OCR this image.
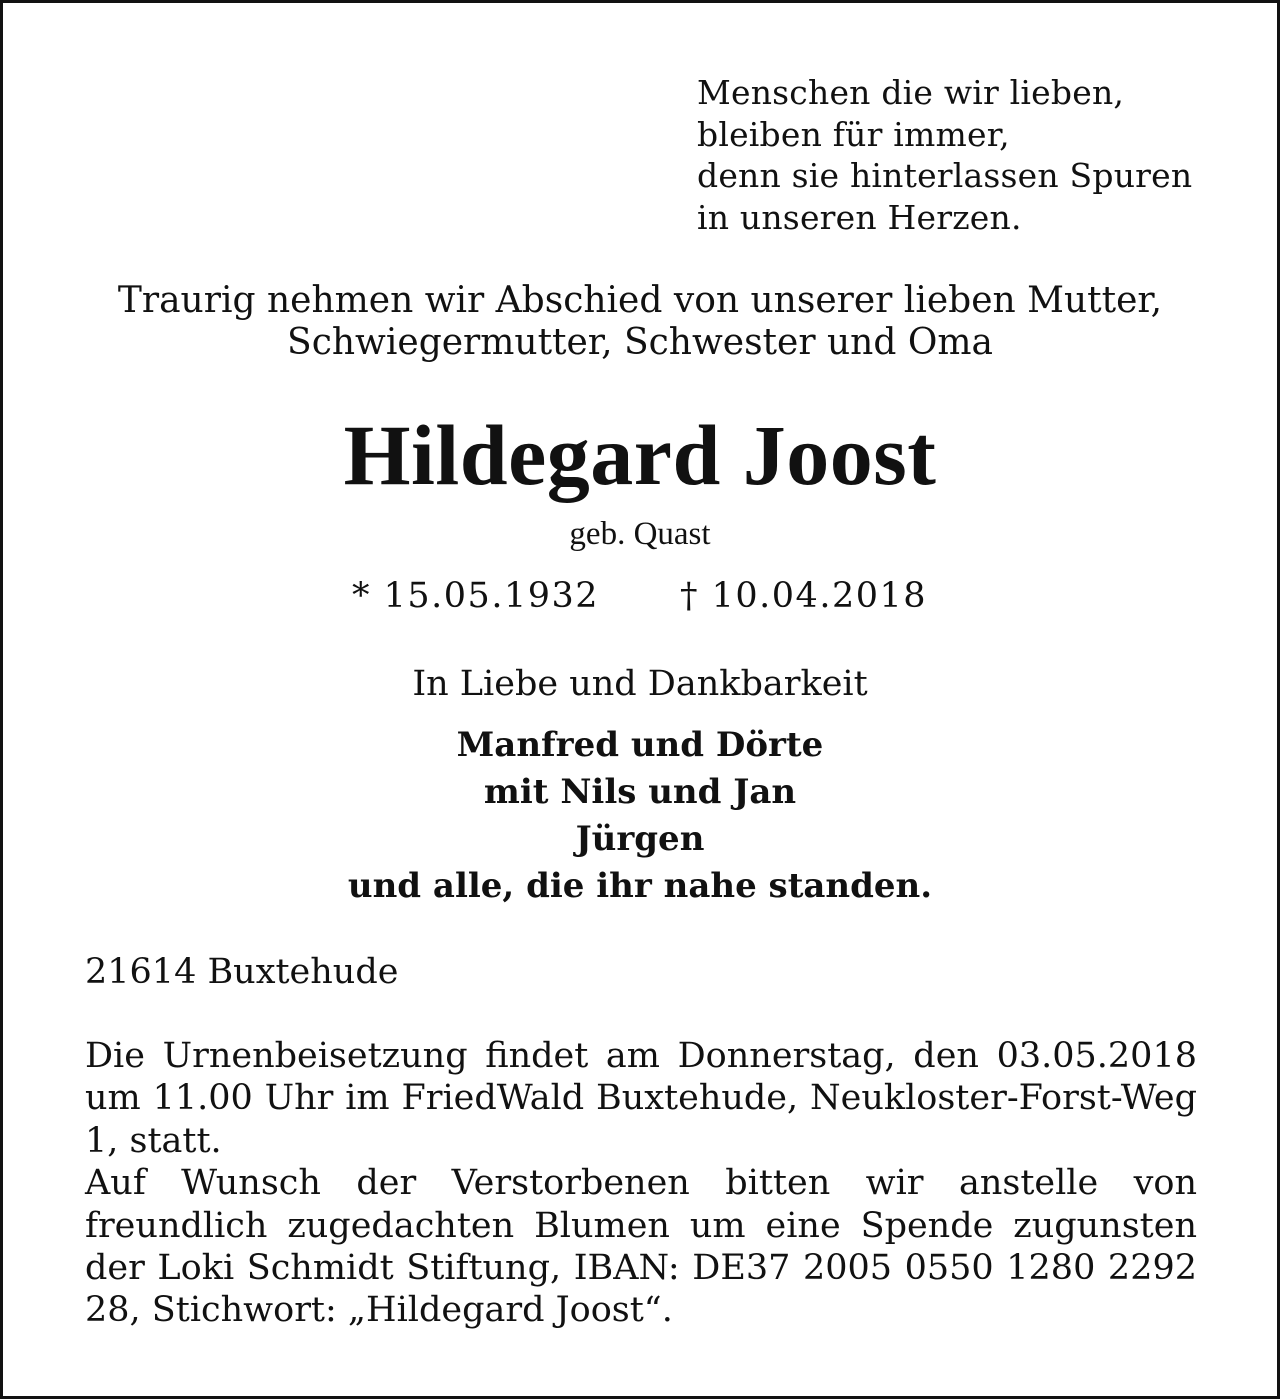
Menschen die wir lieben,
bleiben für immer,
denn sie hinterlassen Spuren
in unseren Herzen.
Traurig nehmen wir Abschied von unserer lieben Mutter,
Schwiegermutter, Schwester und Oma
Hildegard Joost
geb. Quast
* 15.05.1932 † 10.04.2018
In Liebe und Dankbarkeit
Manfred und Dörte
mit Nils und Jan
Jürgen
und alle, die ihr nahe standen.
21614 Buxtehude

Die Urnenbeisetzung findet am Donnerstag, den 03.05.2018 um 11.00 Uhr im FriedWald Buxtehude, Neukloster-Forst-Weg 1, statt.

Auf Wunsch der Verstorbenen bitten wir anstelle von freundlich zugedachten Blumen um eine Spende zugunsten der Loki Schmidt Stiftung, IBAN: DE37 2005 0550 1280 2292 28, Stichwort: „Hildegard Joost“.
